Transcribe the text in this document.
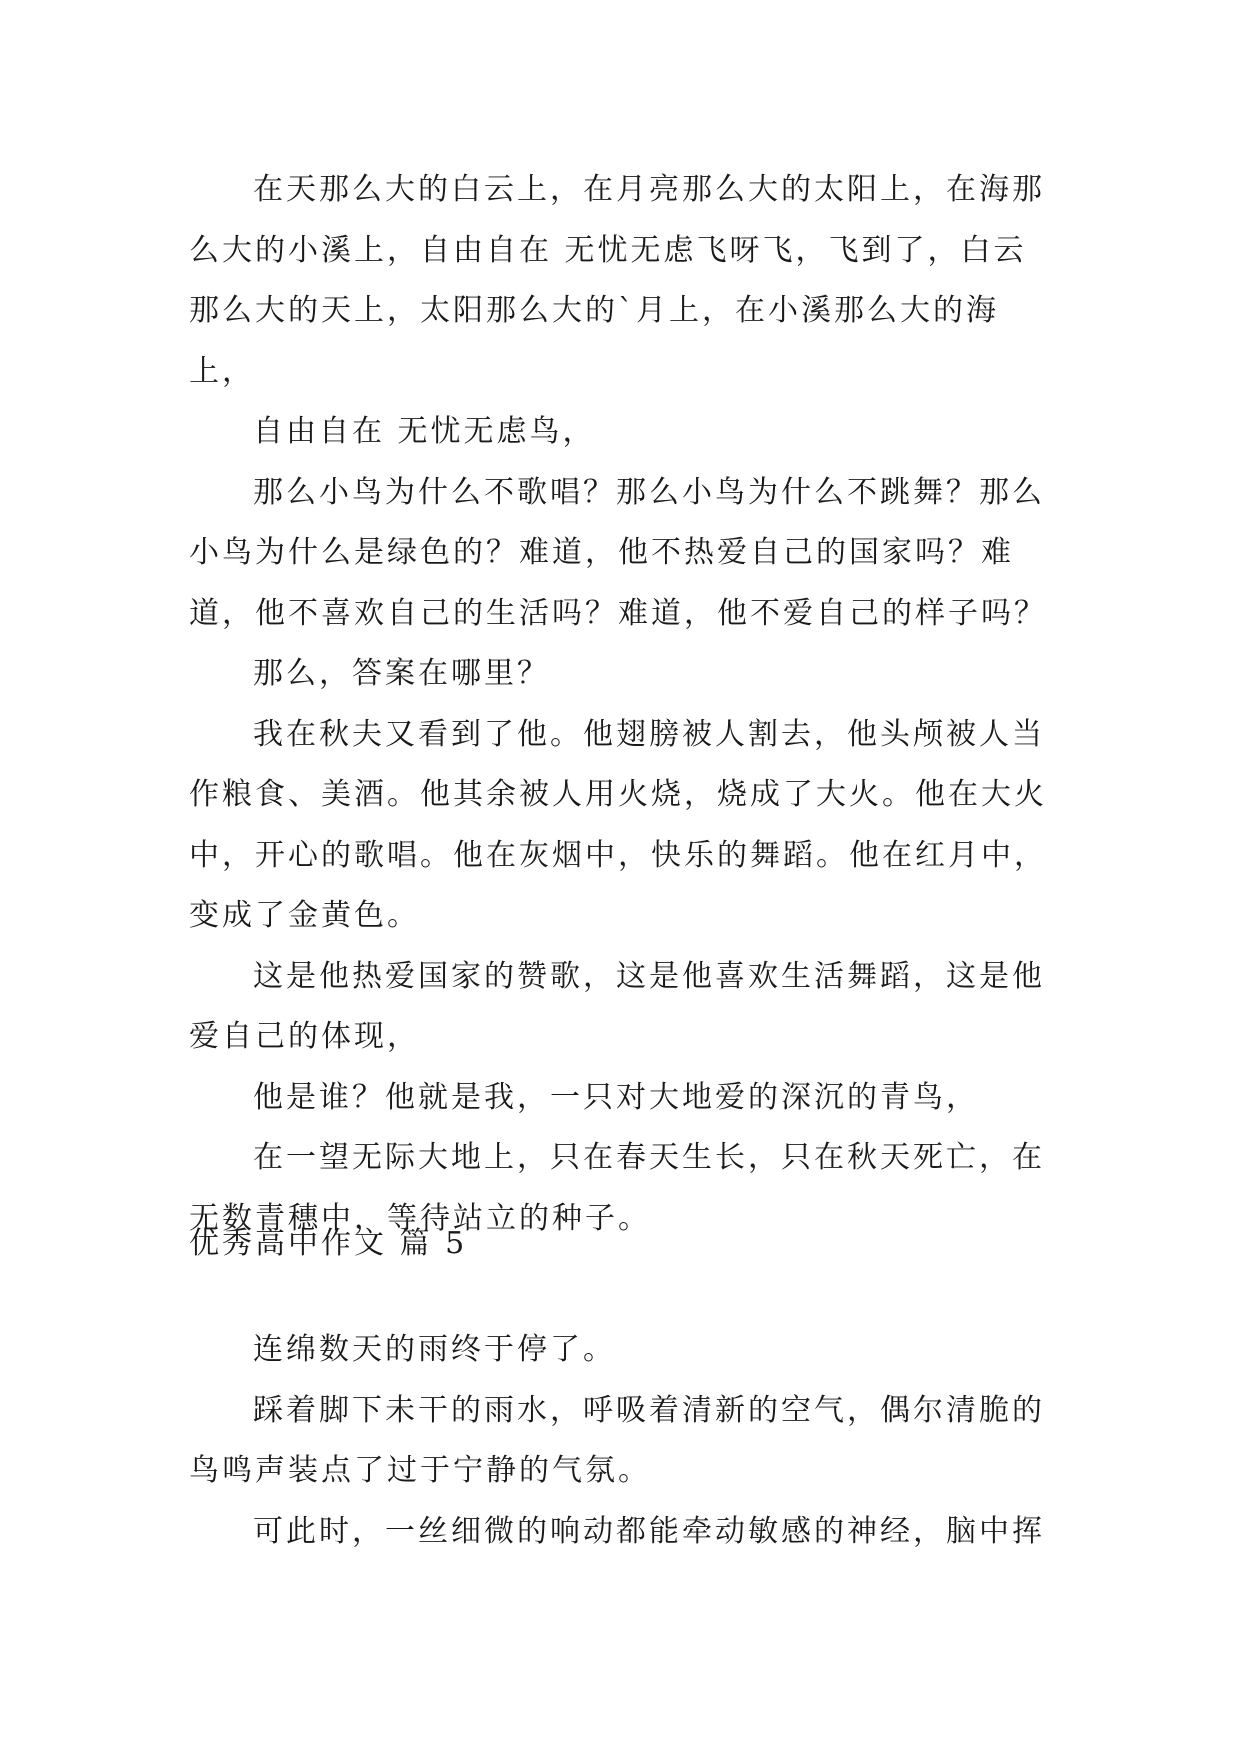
在天那么大的白云上，在月亮那么大的太阳上，在海那么大的小溪上，自由自在 无忧无虑飞呀飞，飞到了，白云那么大的天上，太阳那么大的`月上，在小溪那么大的海上，

自由自在 无忧无虑鸟，

那么小鸟为什么不歌唱？那么小鸟为什么不跳舞？那么小鸟为什么是绿色的？难道，他不热爱自己的国家吗？难道，他不喜欢自己的生活吗？难道，他不爱自己的样子吗？

那么，答案在哪里？

我在秋夫又看到了他。他翅膀被人割去，他头颅被人当作粮食、美酒。他其余被人用火烧，烧成了大火。他在大火中，开心的歌唱。他在灰烟中，快乐的舞蹈。他在红月中，变成了金黄色。

这是他热爱国家的赞歌，这是他喜欢生活舞蹈，这是他爱自己的体现，

他是谁？他就是我，一只对大地爱的深沉的青鸟，

在一望无际大地上，只在春天生长，只在秋天死亡，在无数青穗中，等待站立的种子。

优秀高中作文 篇 5

连绵数天的雨终于停了。

踩着脚下未干的雨水，呼吸着清新的空气，偶尔清脆的鸟鸣声装点了过于宁静的气氛。

可此时，一丝细微的响动都能牵动敏感的神经，脑中挥
